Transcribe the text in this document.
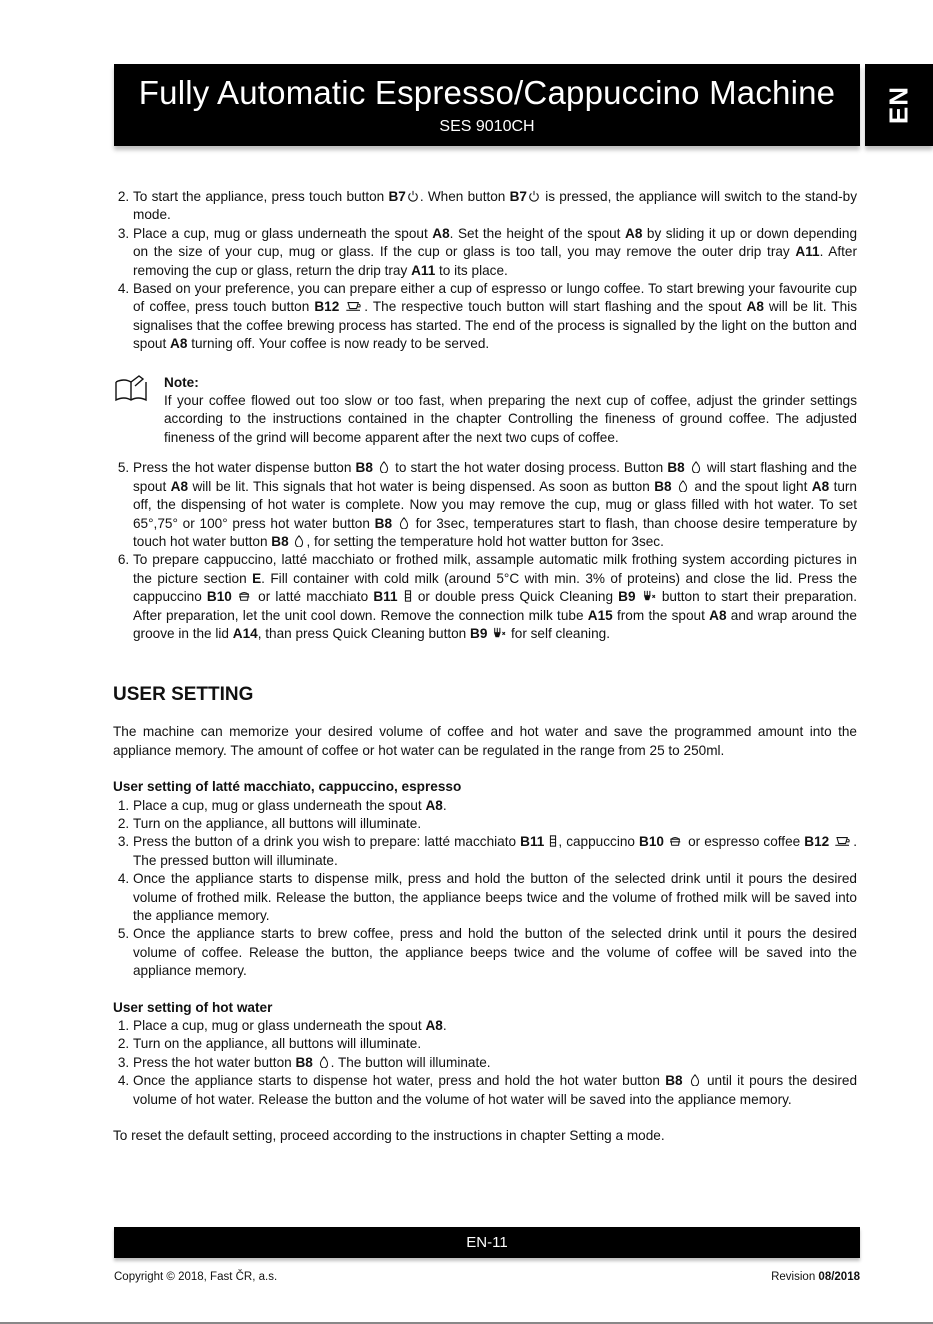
Fully Automatic Espresso/Cappuccino Machine
SES 9010CH
EN
2. To start the appliance, press touch button B7 . When button B7 is pressed, the appliance will switch to the stand-by mode.
3. Place a cup, mug or glass underneath the spout A8. Set the height of the spout A8 by sliding it up or down depending on the size of your cup, mug or glass. If the cup or glass is too tall, you may remove the outer drip tray A11. After removing the cup or glass, return the drip tray A11 to its place.
4. Based on your preference, you can prepare either a cup of espresso or lungo coffee. To start brewing your favourite cup of coffee, press touch button B12 . The respective touch button will start flashing and the spout A8 will be lit. This signalises that the coffee brewing process has started. The end of the process is signalled by the light on the button and spout A8 turning off. Your coffee is now ready to be served.
Note:
If your coffee flowed out too slow or too fast, when preparing the next cup of coffee, adjust the grinder settings according to the instructions contained in the chapter Controlling the fineness of ground coffee. The adjusted fineness of the grind will become apparent after the next two cups of coffee.
5. Press the hot water dispense button B8  to start the hot water dosing process. Button B8  will start flashing and the spout A8 will be lit. This signals that hot water is being dispensed. As soon as button B8  and the spout light A8 turn off, the dispensing of hot water is complete. Now you may remove the cup, mug or glass filled with hot water. To set 65°,75° or 100° press hot water button B8  for 3sec, temperatures start to flash, than choose desire temperature by touch hot water button B8 , for setting the temperature hold hot watter button for 3sec.
6. To prepare cappuccino, latté macchiato or frothed milk, assample automatic milk frothing system according pictures in the picture section E. Fill container with cold milk (around 5°C with min. 3% of proteins) and close the lid. Press the cappuccino B10  or latté macchiato B11  or double press Quick Cleaning B9  button to start their preparation. After preparation, let the unit cool down. Remove the connection milk tube A15 from the spout A8 and wrap around the groove in the lid A14, than press Quick Cleaning button B9  for self cleaning.
USER SETTING

The machine can memorize your desired volume of coffee and hot water and save the programmed amount into the appliance memory. The amount of coffee or hot water can be regulated in the range from 25 to 250ml.

User setting of latté macchiato, cappuccino, espresso
1. Place a cup, mug or glass underneath the spout A8.
2. Turn on the appliance, all buttons will illuminate.
3. Press the button of a drink you wish to prepare: latté macchiato B11 , cappuccino B10  or espresso coffee B12 . The pressed button will illuminate.
4. Once the appliance starts to dispense milk, press and hold the button of the selected drink until it pours the desired volume of frothed milk. Release the button, the appliance beeps twice and the volume of frothed milk will be saved into the appliance memory.
5. Once the appliance starts to brew coffee, press and hold the button of the selected drink until it pours the desired volume of coffee. Release the button, the appliance beeps twice and the volume of coffee will be saved into the appliance memory.
User setting of hot water
1. Place a cup, mug or glass underneath the spout A8.
2. Turn on the appliance, all buttons will illuminate.
3. Press the hot water button B8 . The button will illuminate.
4. Once the appliance starts to dispense hot water, press and hold the hot water button B8  until it pours the desired volume of hot water. Release the button and the volume of hot water will be saved into the appliance memory.

To reset the default setting, proceed according to the instructions in chapter Setting a mode.

EN-11
Copyright © 2018, Fast ČR, a.s.	Revision 08/2018
